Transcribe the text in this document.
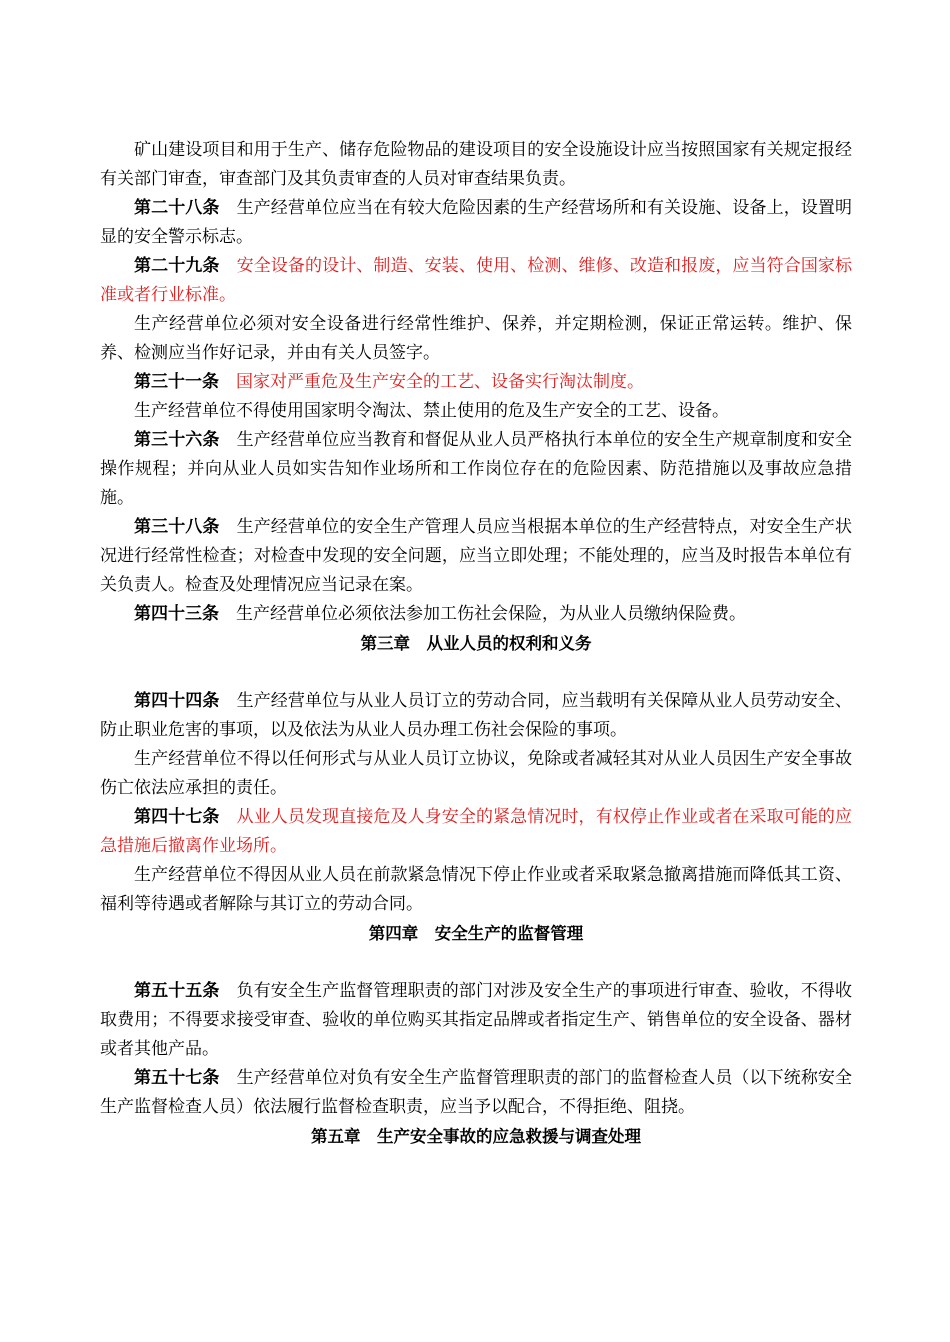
矿山建设项目和用于生产、储存危险物品的建设项目的安全设施设计应当按照国家有关规定报经有关部门审查，审查部门及其负责审查的人员对审查结果负责。

第二十八条　 生产经营单位应当在有较大危险因素的生产经营场所和有关设施、设备上，设置明显的安全警示标志。

第二十九条　 安全设备的设计、制造、安装、使用、检测、维修、改造和报废，应当符合国家标准或者行业标准。

生产经营单位必须对安全设备进行经常性维护、保养，并定期检测，保证正常运转。维护、保养、检测应当作好记录，并由有关人员签字。

第三十一条　 国家对严重危及生产安全的工艺、设备实行淘汰制度。

生产经营单位不得使用国家明令淘汰、禁止使用的危及生产安全的工艺、设备。

第三十六条　 生产经营单位应当教育和督促从业人员严格执行本单位的安全生产规章制度和安全操作规程；并向从业人员如实告知作业场所和工作岗位存在的危险因素、防范措施以及事故应急措施。

第三十八条　 生产经营单位的安全生产管理人员应当根据本单位的生产经营特点，对安全生产状况进行经常性检查；对检查中发现的安全问题，应当立即处理；不能处理的，应当及时报告本单位有关负责人。检查及处理情况应当记录在案。

第四十三条　 生产经营单位必须依法参加工伤社会保险，为从业人员缴纳保险费。

第三章　从业人员的权利和义务

第四十四条　 生产经营单位与从业人员订立的劳动合同，应当载明有关保障从业人员劳动安全、防止职业危害的事项，以及依法为从业人员办理工伤社会保险的事项。

生产经营单位不得以任何形式与从业人员订立协议，免除或者减轻其对从业人员因生产安全事故伤亡依法应承担的责任。

第四十七条　 从业人员发现直接危及人身安全的紧急情况时，有权停止作业或者在采取可能的应急措施后撤离作业场所。

生产经营单位不得因从业人员在前款紧急情况下停止作业或者采取紧急撤离措施而降低其工资、福利等待遇或者解除与其订立的劳动合同。

第四章　安全生产的监督管理

第五十五条　 负有安全生产监督管理职责的部门对涉及安全生产的事项进行审查、验收，不得收取费用；不得要求接受审查、验收的单位购买其指定品牌或者指定生产、销售单位的安全设备、器材或者其他产品。

第五十七条　 生产经营单位对负有安全生产监督管理职责的部门的监督检查人员（以下统称安全生产监督检查人员）依法履行监督检查职责，应当予以配合，不得拒绝、阻挠。

第五章　生产安全事故的应急救援与调查处理
